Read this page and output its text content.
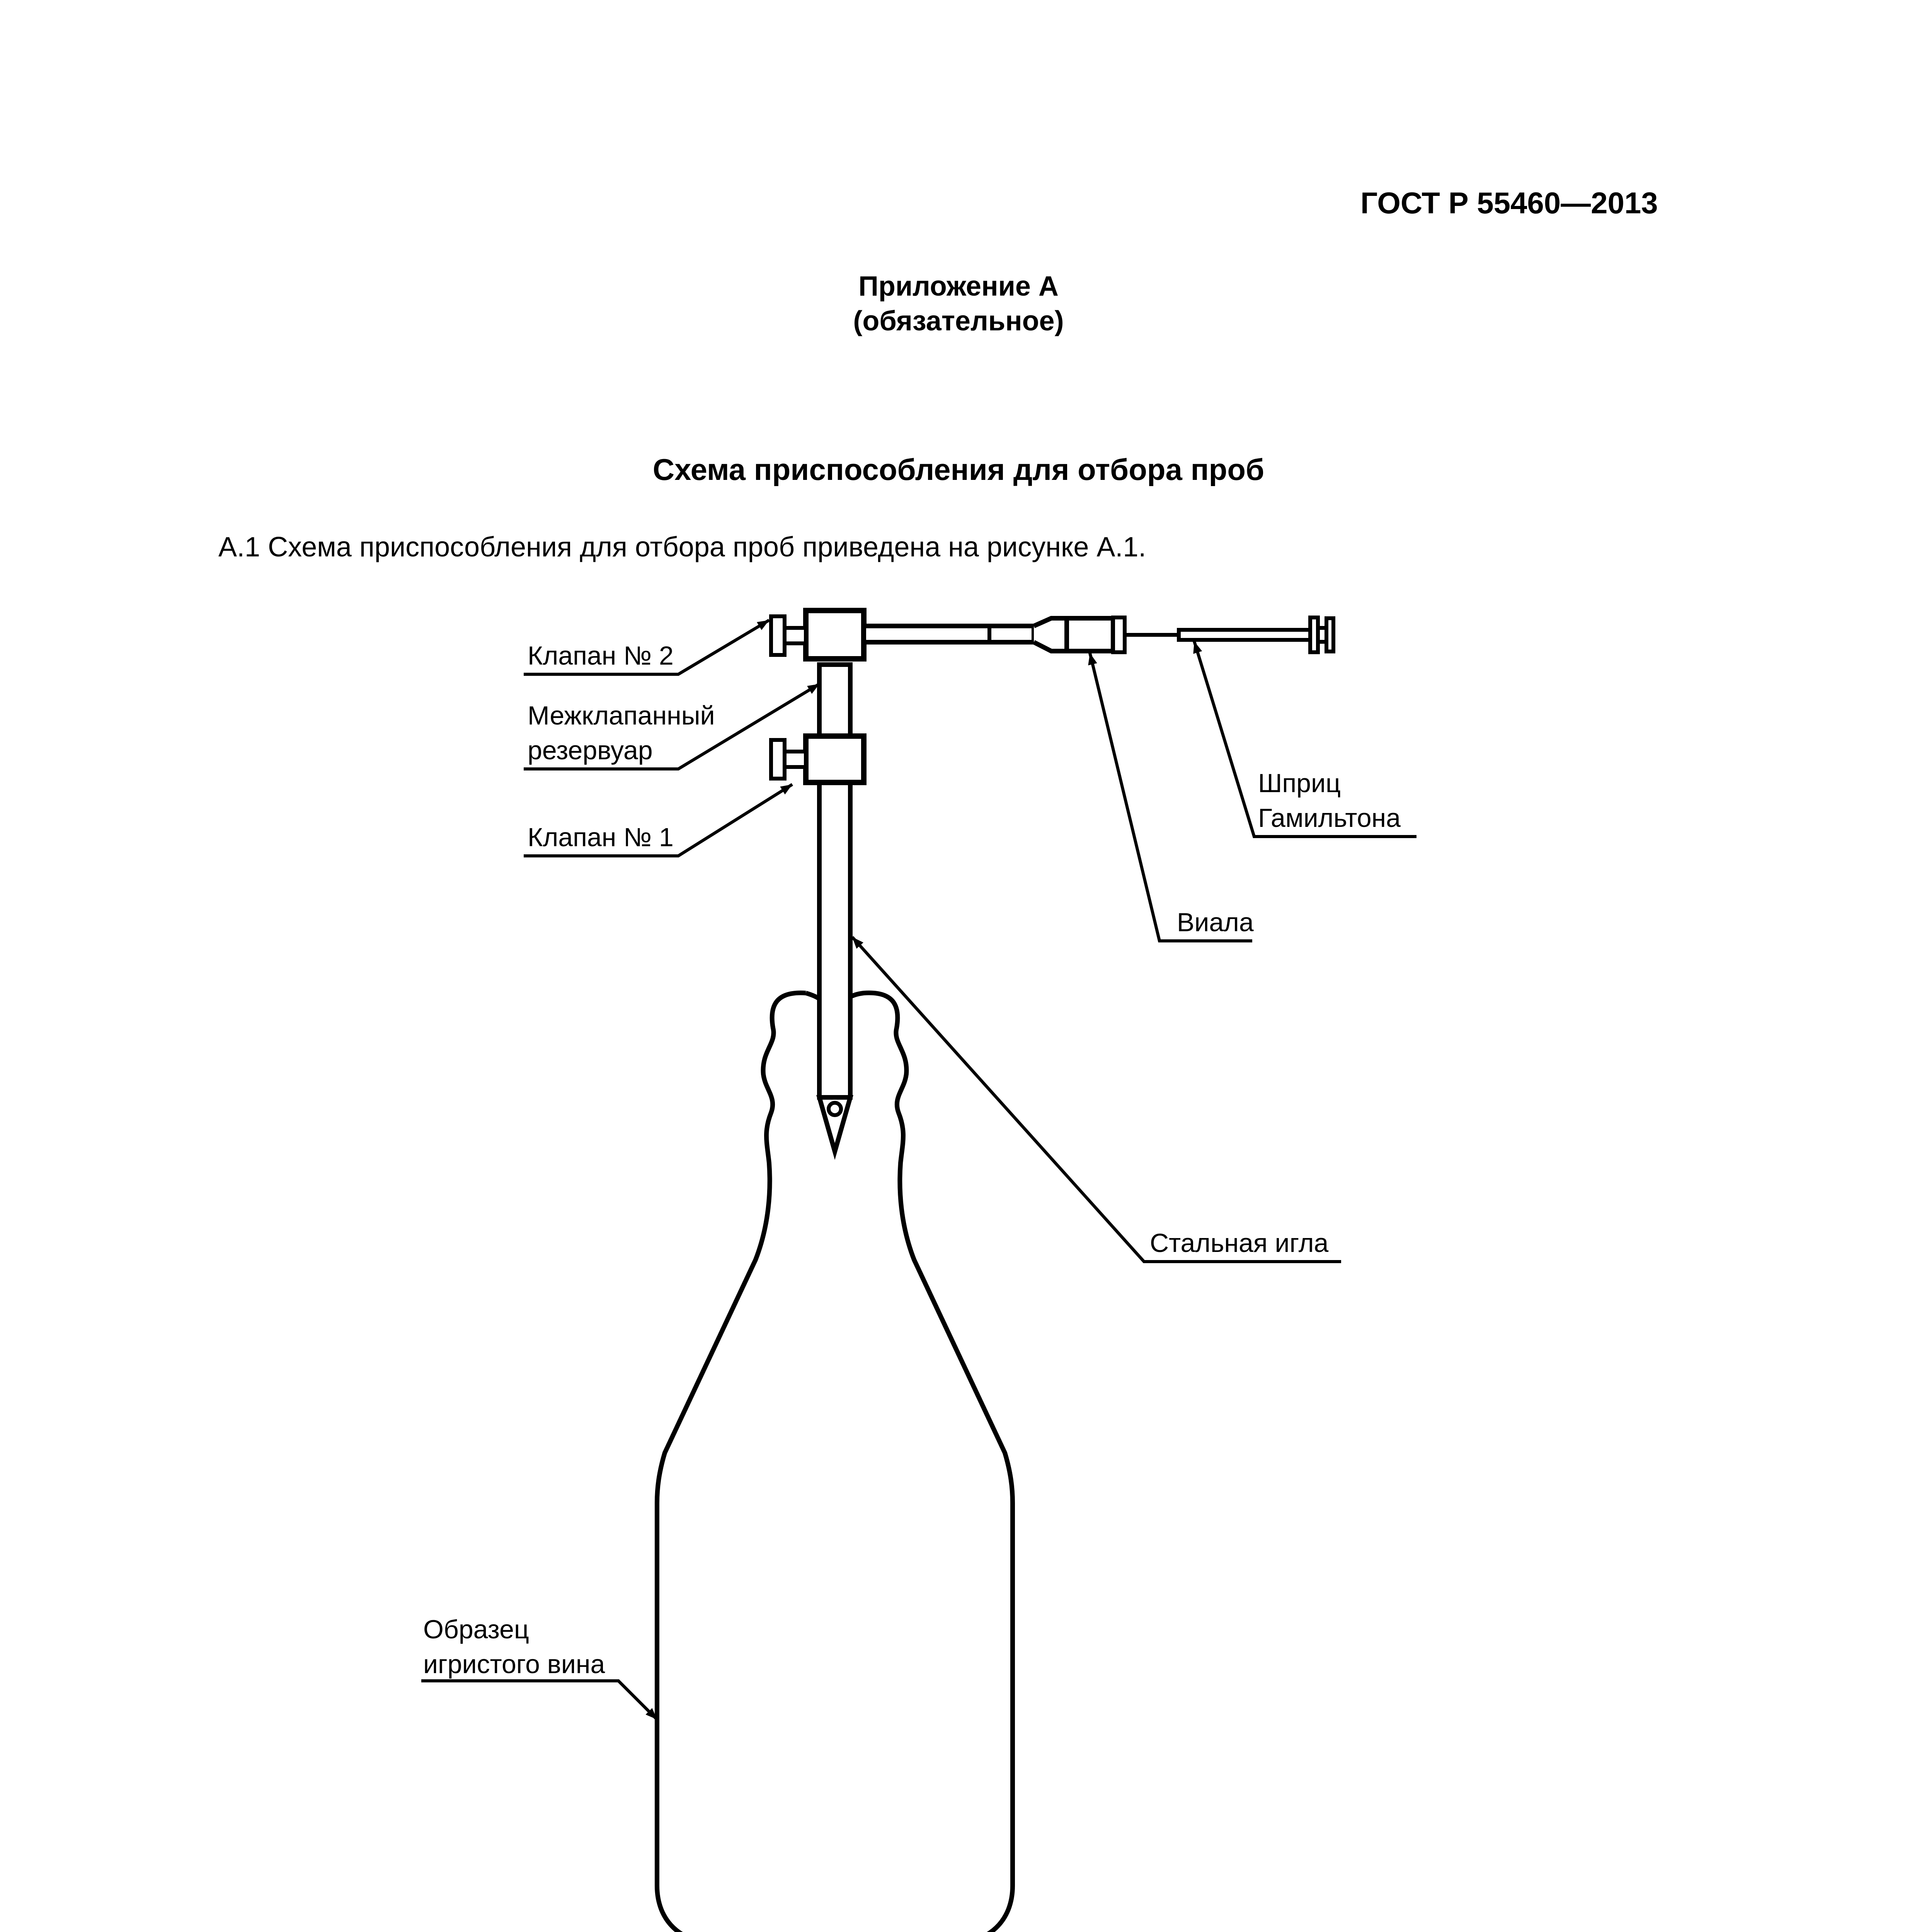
ГОСТ Р 55460—2013
Приложение А
(обязательное)
Схема приспособления для отбора проб
А.1 Схема приспособления для отбора проб приведена на рисунке А.1.
Клапан № 2
Межклапанный
резервуар
Клапан № 1
Шприц
Гамильтона
Виала
Стальная игла
Образец
игристого вина
